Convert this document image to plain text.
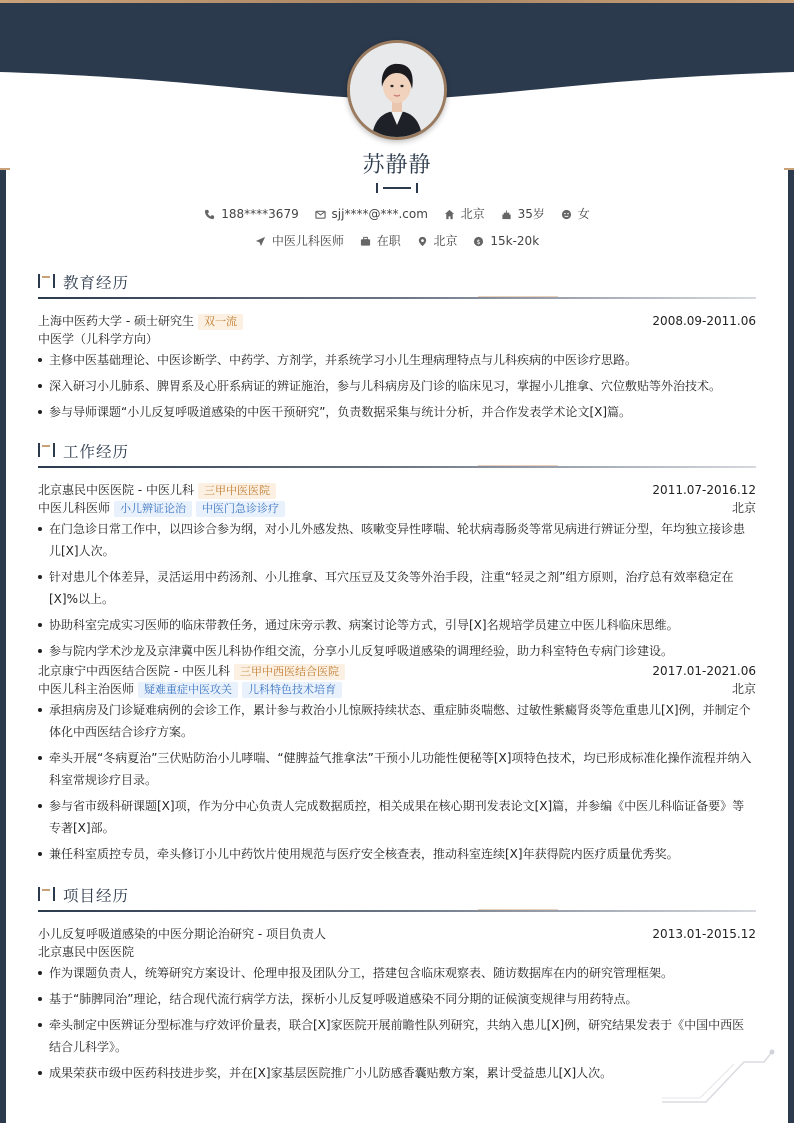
苏静静
188****3679	sjj****@***.com	北京	35岁	女
中医儿科医师	在职	北京	$ 15k-20k
教育经历
上海中医药大学 - 硕士研究生 双一流	2008.09-2011.06
中医学（儿科学方向）
主修中医基础理论、中医诊断学、中药学、方剂学，并系统学习小儿生理病理特点与儿科疾病的中医诊疗思路。
深入研习小儿肺系、脾胃系及心肝系病证的辨证施治，参与儿科病房及门诊的临床见习，掌握小儿推拿、穴位敷贴等外治技术。
参与导师课题“小儿反复呼吸道感染的中医干预研究”，负责数据采集与统计分析，并合作发表学术论文[X]篇。
工作经历
北京惠民中医医院 - 中医儿科 三甲中医医院	2011.07-2016.12
中医儿科医师 小儿辨证论治 中医门急诊诊疗	北京
在门急诊日常工作中，以四诊合参为纲，对小儿外感发热、咳嗽变异性哮喘、轮状病毒肠炎等常见病进行辨证分型，年均独立接诊患儿[X]人次。
针对患儿个体差异，灵活运用中药汤剂、小儿推拿、耳穴压豆及艾灸等外治手段，注重“轻灵之剂”组方原则，治疗总有效率稳定在[X]%以上。
协助科室完成实习医师的临床带教任务，通过床旁示教、病案讨论等方式，引导[X]名规培学员建立中医儿科临床思维。
参与院内学术沙龙及京津冀中医儿科协作组交流，分享小儿反复呼吸道感染的调理经验，助力科室特色专病门诊建设。
北京康宁中西医结合医院 - 中医儿科 三甲中西医结合医院	2017.01-2021.06
中医儿科主治医师 疑难重症中医攻关 儿科特色技术培育	北京
承担病房及门诊疑难病例的会诊工作，累计参与救治小儿惊厥持续状态、重症肺炎喘憋、过敏性紫癜肾炎等危重患儿[X]例，并制定个体化中西医结合诊疗方案。
牵头开展“冬病夏治”三伏贴防治小儿哮喘、“健脾益气推拿法”干预小儿功能性便秘等[X]项特色技术，均已形成标准化操作流程并纳入科室常规诊疗目录。
参与省市级科研课题[X]项，作为分中心负责人完成数据质控，相关成果在核心期刊发表论文[X]篇，并参编《中医儿科临证备要》等专著[X]部。
兼任科室质控专员，牵头修订小儿中药饮片使用规范与医疗安全核查表，推动科室连续[X]年获得院内医疗质量优秀奖。
项目经历
小儿反复呼吸道感染的中医分期论治研究 - 项目负责人	2013.01-2015.12
北京惠民中医医院
作为课题负责人，统筹研究方案设计、伦理申报及团队分工，搭建包含临床观察表、随访数据库在内的研究管理框架。
基于“肺脾同治”理论，结合现代流行病学方法，探析小儿反复呼吸道感染不同分期的证候演变规律与用药特点。
牵头制定中医辨证分型标准与疗效评价量表，联合[X]家医院开展前瞻性队列研究，共纳入患儿[X]例，研究结果发表于《中国中西医结合儿科学》。
成果荣获市级中医药科技进步奖，并在[X]家基层医院推广小儿防感香囊贴敷方案，累计受益患儿[X]人次。
